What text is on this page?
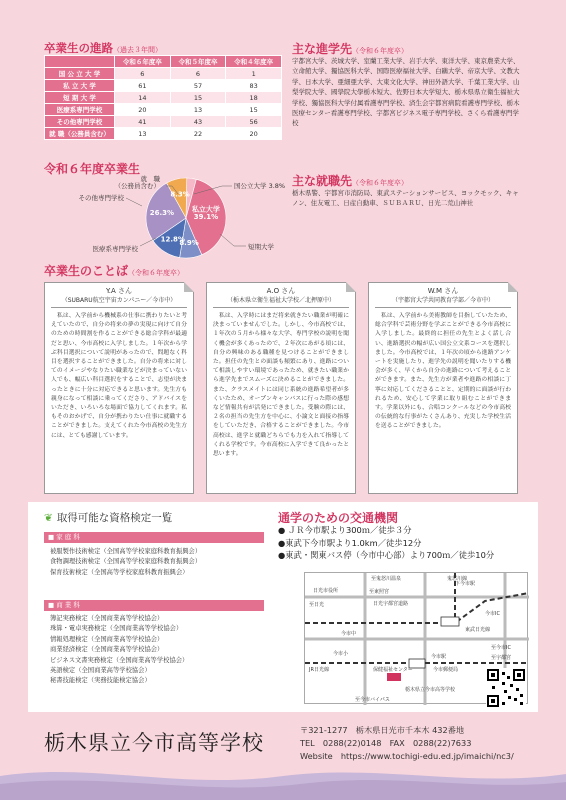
卒業生の進路（過去３年間）
	令和６年度卒	令和５年度卒	令和４年度卒
国 公 立 大 学	6	6	1
私 立 大 学	61	57	83
短 期 大 学	14	15	18
医療系専門学校	20	13	15
その他専門学校	41	43	56
就 職（公務員含む）	13	22	20
令和６年度卒業生
39.1%
私立大学
8.9%
12.8%
26.3%
8.3%
就　職（公務員含む）	国公立大学 3.8%
その他専門学校
医療系専門学校	短期大学
主な進学先（令和６年度卒）
宇都宮大学、茨城大学、室蘭工業大学、岩手大学、東洋大学、東京農業大学、立命館大学、獨協医科大学、国際医療福祉大学、白鷗大学、帝京大学、文教大学、日本大学、亜細亜大学、大東文化大学、神田外語大学、千葉工業大学、山梨学院大学、國學院大學栃木短大、佐野日本大学短大、栃木県県立衛生福祉大学校、獨協医科大学付属看護専門学校、済生会宇都宮病院看護専門学校、栃木医療センター看護専門学校、宇都宮ビジネス電子専門学校、さくら看護専門学校
主な就職先（令和６年度卒）
栃木県警、宇都宮市消防局、東武ステーションサービス、ヨックモック、キャノン、住友電工、日産自動車、ＳＵＢＡＲＵ、日光二荒山神社
卒業生のことば（令和６年度卒）
Y.A さん
（SUBARU航空宇宙カンパニー／今市中）
私は、入学前から機械系の仕事に携わりたいと考えていたので、自分の将来の夢の実現に向けて自分のための時間割を作ることができる総合学科が最適だと思い、今市高校に入学しました。１年次から学ぶ科目選択について説明があったので、問題なく科目を選択することができました。自分の将来に対してのイメージやなりたい職業などが決まっていない人でも、幅広い科目選択をすることで、志望が決まったときに十分に対応できると思います。先生方も親身になって相談に乗ってくださり、アドバイスをいただき、いろいろな場面で協力してくれます。私もそのおかげで、自分が携わりたい仕事に就職することができました。支えてくれた今市高校の先生方には、とても感謝しています。
A.O さん
（栃木県立衛生福祉大学校／北押原中）
私は、入学時にはまだ将来就きたい職業が明確に決まっていませんでした。しかし、今市高校では、１年次の５月から様々な大学、専門学校の説明を聞く機会が多くあったので、２年次にあがる頃には、自分の興味のある職種を見つけることができました。担任の先生との面談も頻繁にあり、進路について相談しやすい環境であったため、就きたい職業から進学先までスムーズに決めることができました。また、クラスメイトには同じ系統の進路希望者が多くいたため、オープンキャンパスに行った際の感想など情報共有が活発にできました。受験の際には、２名の担当の先生方を中心に、小論文と面接の指導をしていただき、合格することができました。今市高校は、進学と就職どちらでも力を入れて指導してくれる学校です。今市高校に入学できて良かったと思います。
W.M さん
（宇都宮大学共同教育学部／今市中）
私は、入学前から美術教師を目指していたため、総合学科で芸術分野を学ぶことができる今市高校に入学しました。最終的に担任の先生とよく話し合い、進路選択の幅が広い国公立文系コースを選択しました。今市高校では、１年次の頃から進路アンケートを実施したり、進学先の説明を聞いたりする機会が多く、早くから自分の進路について考えることができます。また、先生方が業者や進路の相談に丁寧に対応してくださることと、定期的に面談が行われるため、安心して学業に取り組むことができます。学業以外にも、合唱コンクールなどの今市高校の伝統的な行事がたくさんあり、充実した学校生活を送ることができました。
❦ 取得可能な資格検定一覧
■ 家 庭 科
被服製作技術検定（全国高等学校家庭科教育振興会）
食物調理技術検定（全国高等学校家庭科教育振興会）
保育技術検定（全国高等学校家庭科教育振興会）
■ 商 業 科
簿記実務検定（全国商業高等学校協会）
珠算・電卓実務検定（全国商業高等学校協会）
情報処理検定（全国商業高等学校協会）
商業経済検定（全国商業高等学校協会）
ビジネス文書実務検定（全国商業高等学校協会）
英語検定（全国商業高等学校協会）
秘書技能検定（実務技能検定協会）
通学のための交通機関
● ＪＲ今市駅より300ｍ／徒歩３分
●東武下今市駅より1.0km／徒歩12分
●東武・関東バス停（今市中心部）より700ｍ／徒歩10分
至鬼怒川温泉	鬼怒川線
日光市役所
至日光
至東照宮
日光宇都宮道路
下今市駅
今市IC
今市中
今市小
東武日光線
今市駅
JR日光線	保健福祉センター	今市郵便局
栃木県立今市高等学校
至今市IC
至宇都宮
至今市バイパス
栃木県立今市高等学校
〒321-1277　栃木県日光市千本木 432番地
TEL　0288(22)0148　FAX　0288(22)7633
Website　https://www.tochigi-edu.ed.jp/imaichi/nc3/
